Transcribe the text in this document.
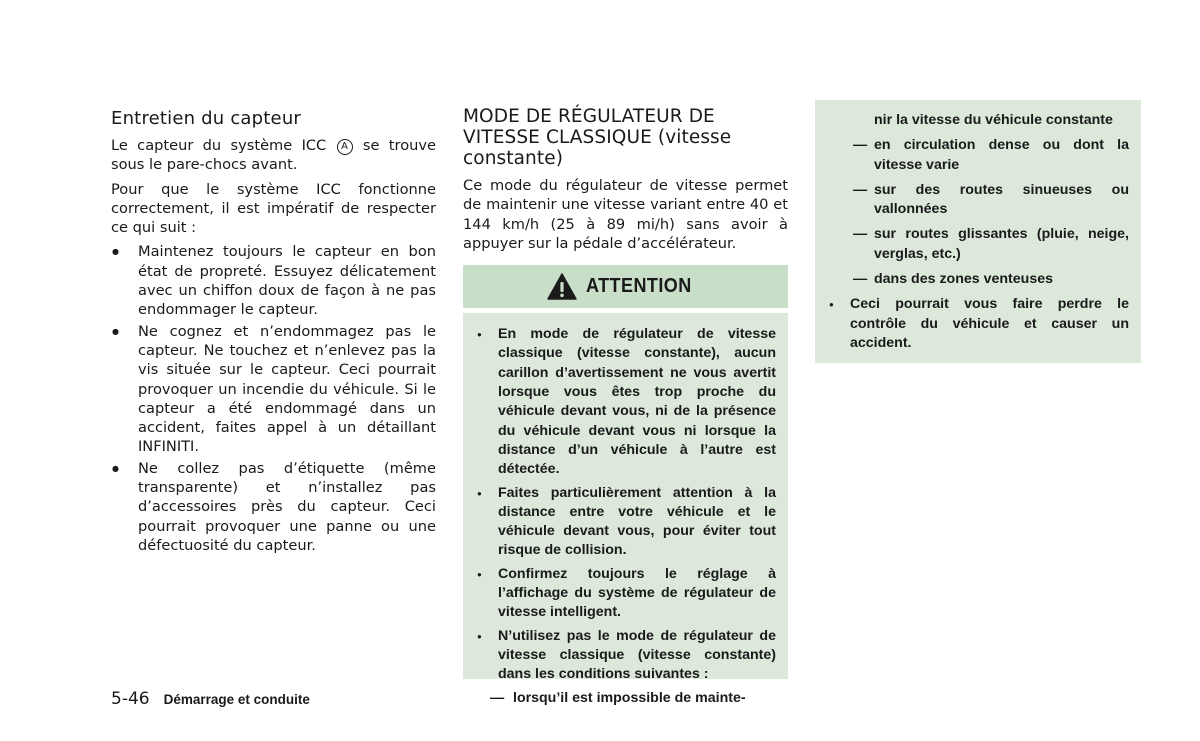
Entretien du capteur

Le capteur du système ICC A se trouve sous le pare-chocs avant.

Pour que le système ICC fonctionne correctement, il est impératif de respecter ce qui suit :

● Maintenez toujours le capteur en bon état de propreté. Essuyez délicatement avec un chiffon doux de façon à ne pas endommager le capteur.
● Ne cognez et n’endommagez pas le capteur. Ne touchez et n’enlevez pas la vis située sur le capteur. Ceci pourrait provoquer un incendie du véhicule. Si le capteur a été endommagé dans un accident, faites appel à un détaillant INFINITI.
● Ne collez pas d’étiquette (même transparente) et n’installez pas d’accessoires près du capteur. Ceci pourrait provoquer une panne ou une défectuosité du capteur.
MODE DE RÉGULATEUR DE VITESSE CLASSIQUE (vitesse constante)

Ce mode du régulateur de vitesse permet de maintenir une vitesse variant entre 40 et 144 km/h (25 à 89 mi/h) sans avoir à appuyer sur la pédale d’accélérateur.

ATTENTION
● En mode de régulateur de vitesse classique (vitesse constante), aucun carillon d’avertissement ne vous avertit lorsque vous êtes trop proche du véhicule devant vous, ni de la présence du véhicule devant vous ni lorsque la distance d’un véhicule à l’autre est détectée.
● Faites particulièrement attention à la distance entre votre véhicule et le véhicule devant vous, pour éviter tout risque de collision.
● Confirmez toujours le réglage à l’affichage du système de régulateur de vitesse intelligent.
● N’utilisez pas le mode de régulateur de vitesse classique (vitesse constante) dans les conditions suivantes :
— lorsqu’il est impossible de mainte-
nir la vitesse du véhicule constante
— en circulation dense ou dont la vitesse varie
— sur des routes sinueuses ou vallonnées
— sur routes glissantes (pluie, neige, verglas, etc.)
— dans des zones venteuses
● Ceci pourrait vous faire perdre le contrôle du véhicule et causer un accident.
5-46 Démarrage et conduite
